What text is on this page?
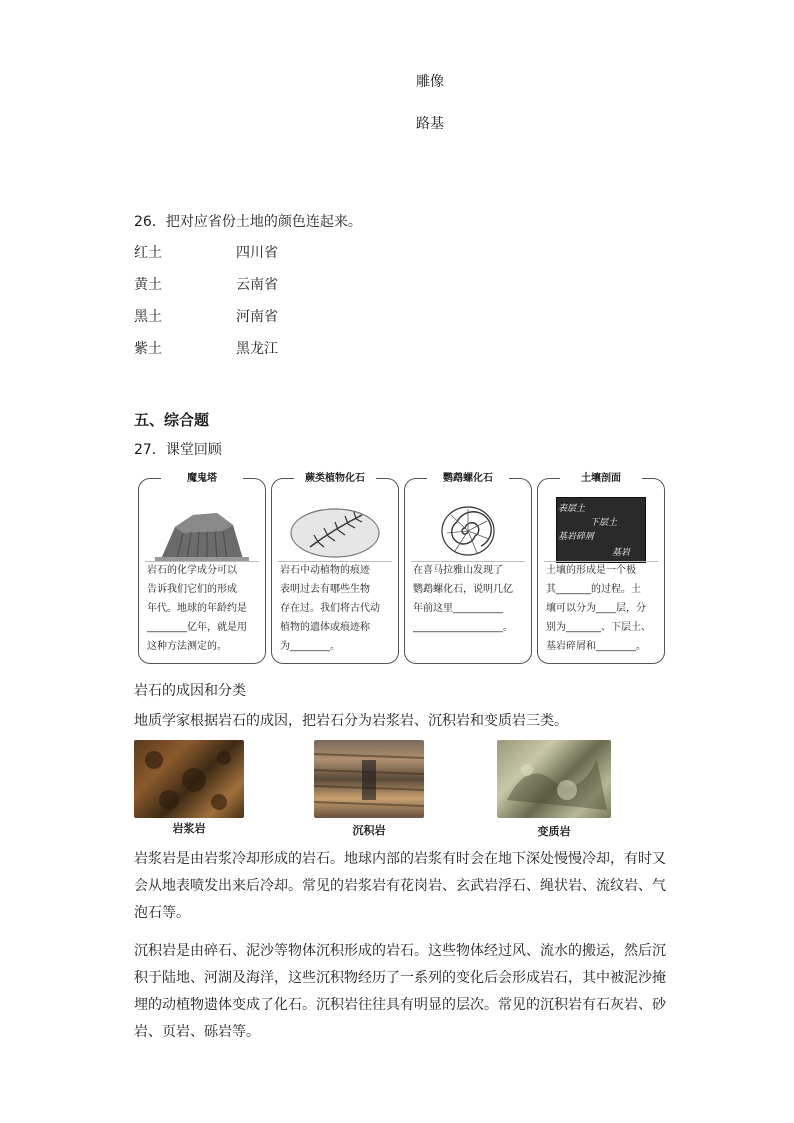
雕像
路基
26．把对应省份土地的颜色连起来。
红土	四川省
黄土	云南省
黑土	河南省
紫土	黑龙江
五、综合题
27．课堂回顾
魔鬼塔
岩石的化学成分可以
告诉我们它们的形成
年代。地球的年龄约是
________亿年，就是用
这种方法测定的。
蕨类植物化石
岩石中动植物的痕迹
表明过去有哪些生物
存在过。我们将古代动
植物的遗体或痕迹称
为________。
鹦鹉螺化石
在喜马拉雅山发现了
鹦鹉螺化石，说明几亿
年前这里__________
__________________。
土壤剖面
表层土
下层土
基岩碎屑
基岩
土壤的形成是一个极
其_______的过程。土
壤可以分为____层，分
别为_______、下层土、
基岩碎屑和________。
岩石的成因和分类
地质学家根据岩石的成因，把岩石分为岩浆岩、沉积岩和变质岩三类。
岩浆岩	沉积岩	变质岩
岩浆岩是由岩浆冷却形成的岩石。地球内部的岩浆有时会在地下深处慢慢冷却，有时又会从地表喷发出来后冷却。常见的岩浆岩有花岗岩、玄武岩浮石、绳状岩、流纹岩、气泡石等。
沉积岩是由碎石、泥沙等物体沉积形成的岩石。这些物体经过风、流水的搬运，然后沉积于陆地、河湖及海洋，这些沉积物经历了一系列的变化后会形成岩石，其中被泥沙掩埋的动植物遗体变成了化石。沉积岩往往具有明显的层次。常见的沉积岩有石灰岩、砂岩、页岩、砾岩等。
